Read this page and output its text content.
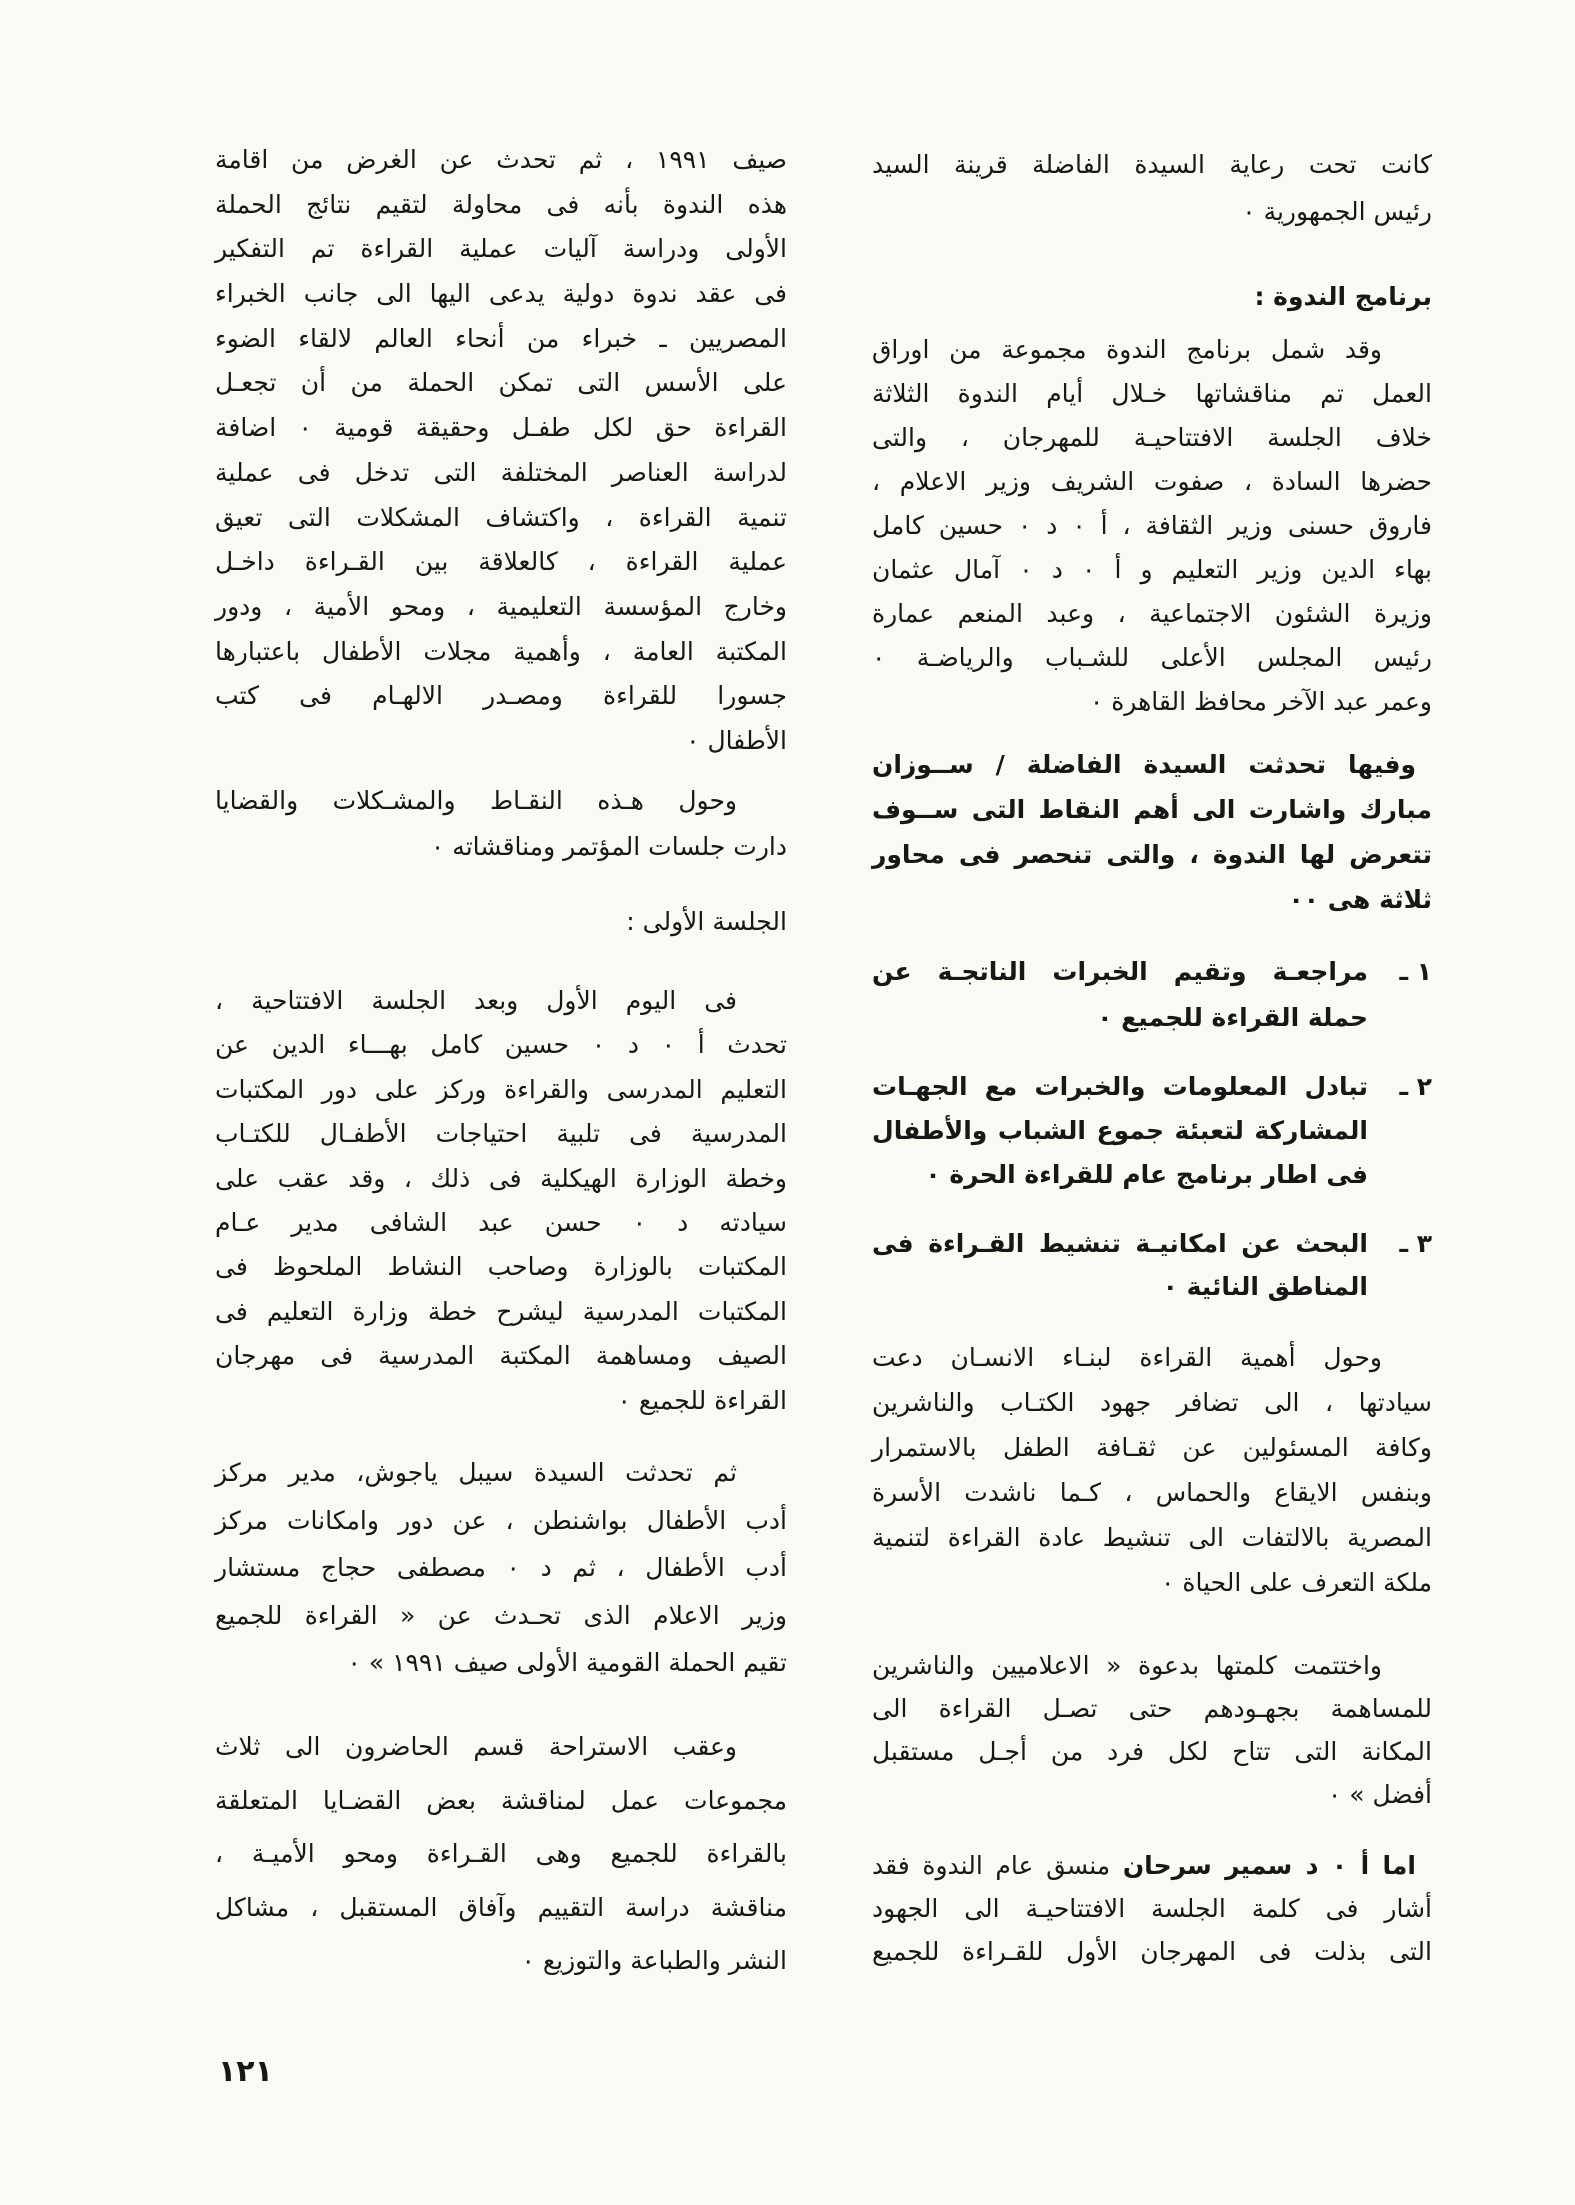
كانت تحت رعاية السيدة الفاضلة قرينة السيد
رئيس الجمهورية ٠
برنامج الندوة :
وقد شمل برنامج الندوة مجموعة من اوراق
العمل تم مناقشاتها خـلال أيام الندوة الثلاثة
خلاف الجلسة الافتتاحيـة للمهرجان ، والتى
حضرها السادة ، صفوت الشريف وزير الاعلام ،
فاروق حسنى وزير الثقافة ، أ ٠ د ٠ حسين كامل
بهاء الدين وزير التعليم و أ ٠ د ٠ آمال عثمان
وزيرة الشئون الاجتماعية ، وعبد المنعم عمارة
رئيس المجلس الأعلى للشـباب والرياضـة ٠
وعمر عبد الآخر محافظ القاهرة ٠
وفيها تحدثت السيدة الفاضلة / ســوزان
مبارك واشارت الى أهم النقاط التى ســوف
تتعرض لها الندوة ، والتى تنحصر فى محاور
ثلاثة هى ٠٠
١ ـ
مراجعـة وتقيم الخبرات الناتجـة عن
حملة القراءة للجميع ٠
٢ ـ
تبادل المعلومات والخبرات مع الجهـات
المشاركة لتعبئة جموع الشباب والأطفال
فى اطار برنامج عام للقراءة الحرة ٠
٣ ـ
البحث عن امكانيـة تنشيط القـراءة فى
المناطق النائية ٠
وحول أهمية القراءة لبنـاء الانسـان دعت
سيادتها ، الى تضافر جهود الكتـاب والناشرين
وكافة المسئولين عن ثقـافة الطفل بالاستمرار
وبنفس الايقاع والحماس ، كـما ناشدت الأسرة
المصرية بالالتفات الى تنشيط عادة القراءة لتنمية
ملكة التعرف على الحياة ٠
واختتمت كلمتها بدعوة « الاعلاميين والناشرين
للمساهمة بجهـودهم حتى تصـل القراءة الى
المكانة التى تتاح لكل فرد من أجـل مستقبل
أفضل » ٠
اما أ ٠ د سمير سرحان منسق عام الندوة فقد
أشار فى كلمة الجلسة الافتتاحيـة الى الجهود
التى بذلت فى المهرجان الأول للقـراءة للجميع
صيف ١٩٩١ ، ثم تحدث عن الغرض من اقامة
هذه الندوة بأنه فى محاولة لتقيم نتائج الحملة
الأولى ودراسة آليات عملية القراءة تم التفكير
فى عقد ندوة دولية يدعى اليها الى جانب الخبراء
المصريين ـ خبراء من أنحاء العالم لالقاء الضوء
على الأسس التى تمكن الحملة من أن تجعـل
القراءة حق لكل طفـل وحقيقة قومية ٠ اضافة
لدراسة العناصر المختلفة التى تدخل فى عملية
تنمية القراءة ، واكتشاف المشكلات التى تعيق
عملية القراءة ، كالعلاقة بين القـراءة داخـل
وخارج المؤسسة التعليمية ، ومحو الأمية ، ودور
المكتبة العامة ، وأهمية مجلات الأطفال باعتبارها
جسورا للقراءة ومصـدر الالهـام فى كتب
الأطفال ٠
وحول هـذه النقـاط والمشـكلات والقضايا
دارت جلسات المؤتمر ومناقشاته ٠
الجلسة الأولى :
فى اليوم الأول وبعد الجلسة الافتتاحية ،
تحدث أ ٠ د ٠ حسين كامل بهـــاء الدين عن
التعليم المدرسى والقراءة وركز على دور المكتبات
المدرسية فى تلبية احتياجات الأطفـال للكتـاب
وخطة الوزارة الهيكلية فى ذلك ، وقد عقب على
سيادته د ٠ حسن عبد الشافى مدير عـام
المكتبات بالوزارة وصاحب النشاط الملحوظ فى
المكتبات المدرسية ليشرح خطة وزارة التعليم فى
الصيف ومساهمة المكتبة المدرسية فى مهرجان
القراءة للجميع ٠
ثم تحدثت السيدة سيبل ياجوش، مدير مركز
أدب الأطفال بواشنطن ، عن دور وامكانات مركز
أدب الأطفال ، ثم د ٠ مصطفى حجاج مستشار
وزير الاعلام الذى تحـدث عن « القراءة للجميع
تقيم الحملة القومية الأولى صيف ١٩٩١ » ٠
وعقب الاستراحة قسم الحاضرون الى ثلاث
مجموعات عمل لمناقشة بعض القضـايا المتعلقة
بالقراءة للجميع وهى القـراءة ومحو الأميـة ،
مناقشة دراسة التقييم وآفاق المستقبل ، مشاكل
النشر والطباعة والتوزيع ٠
١٢١
